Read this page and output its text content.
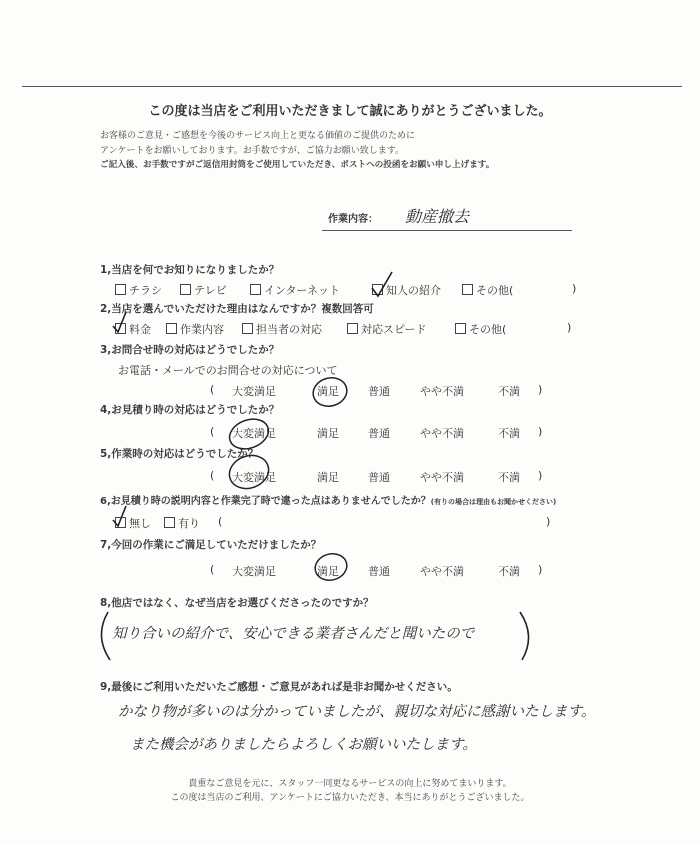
この度は当店をご利用いただきまして誠にありがとうございました。
お客様のご意見・ご感想を今後のサービス向上と更なる価値のご提供のために
アンケートをお願いしております。お手数ですが、ご協力お願い致します。
ご記入後、お手数ですがご返信用封筒をご使用していただき、ポストへの投函をお願い申し上げます。
作業内容： 動産撤去
1,当店を何でお知りになりましたか？
チラシ	テレビ	インターネット	知人の紹介	その他(	)
2,当店を選んでいただけた理由はなんですか？複数回答可
料金	作業内容	担当者の対応	対応スピード	その他(	)
3,お問合せ時の対応はどうでしたか？
お電話・メールでのお問合せの対応について
( 大変満足	満足	普通	やや不満	不満 )
4,お見積り時の対応はどうでしたか？
( 大変満足	満足	普通	やや不満	不満 )
5,作業時の対応はどうでしたか？
( 大変満足	満足	普通	やや不満	不満 )
6,お見積り時の説明内容と作業完了時で違った点はありませんでしたか？(有りの場合は理由もお聞かせください)
無し	有り (	)
7,今回の作業にご満足していただけましたか？
( 大変満足	満足	普通	やや不満	不満 )
8,他店ではなく、なぜ当店をお選びくださったのですか？
知り合いの紹介で、安心できる業者さんだと聞いたので
9,最後にご利用いただいたご感想・ご意見があれば是非お聞かせください。
かなり物が多いのは分かっていましたが、親切な対応に感謝いたします。
また機会がありましたらよろしくお願いいたします。
貴重なご意見を元に、スタッフ一同更なるサービスの向上に努めてまいります。
この度は当店のご利用、アンケートにご協力いただき、本当にありがとうございました。
